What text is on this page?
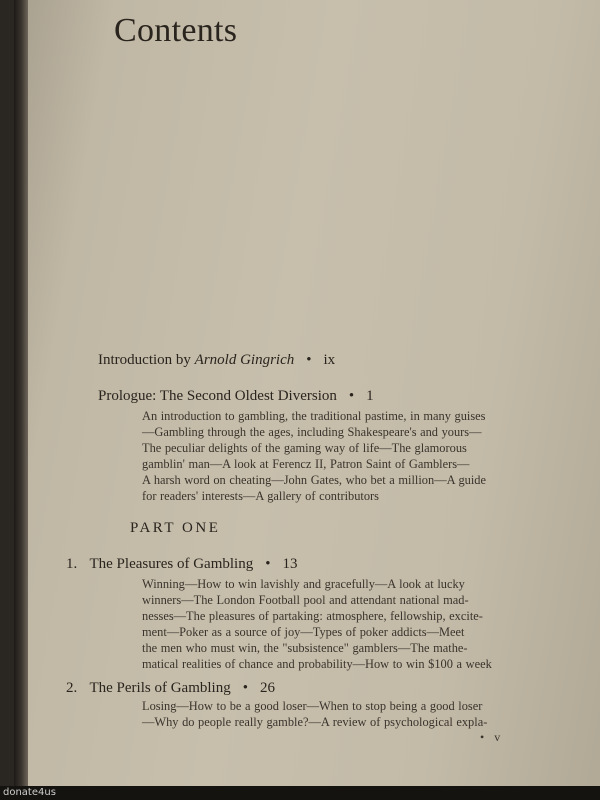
Contents
Introduction by Arnold Gingrich • ix
Prologue: The Second Oldest Diversion • 1
An introduction to gambling, the traditional pastime, in many guises
—Gambling through the ages, including Shakespeare's and yours—
The peculiar delights of the gaming way of life—The glamorous
gamblin' man—A look at Ferencz II, Patron Saint of Gamblers—
A harsh word on cheating—John Gates, who bet a million—A guide
for readers' interests—A gallery of contributors
PART ONE
1. The Pleasures of Gambling • 13
Winning—How to win lavishly and gracefully—A look at lucky
winners—The London Football pool and attendant national mad-
nesses—The pleasures of partaking: atmosphere, fellowship, excite-
ment—Poker as a source of joy—Types of poker addicts—Meet
the men who must win, the "subsistence" gamblers—The mathe-
matical realities of chance and probability—How to win $100 a week
2. The Perils of Gambling • 26
Losing—How to be a good loser—When to stop being a good loser
—Why do people really gamble?—A review of psychological expla-
• v
donate4us
